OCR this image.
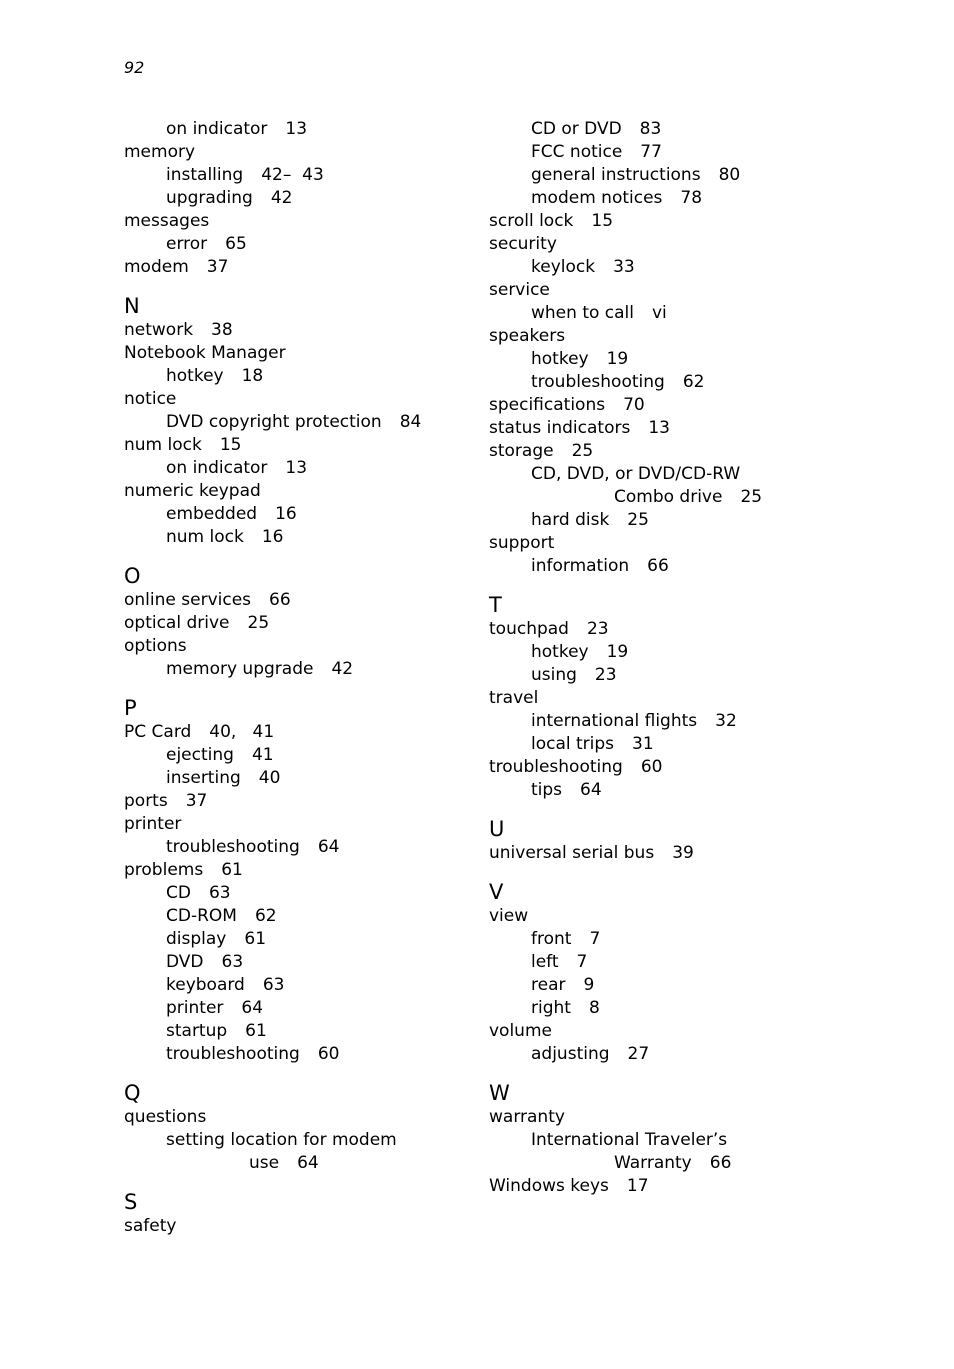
92
on indicator 13
memory
installing 42–  43
upgrading 42
messages
error 65
modem 37
N
network 38
Notebook Manager
hotkey 18
notice
DVD copyright protection 84
num lock 15
on indicator 13
numeric keypad
embedded 16
num lock 16
O
online services 66
optical drive 25
options
memory upgrade 42
P
PC Card 40,   41
ejecting 41
inserting 40
ports 37
printer
troubleshooting 64
problems 61
CD 63
CD-ROM 62
display 61
DVD 63
keyboard 63
printer 64
startup 61
troubleshooting 60
Q
questions
setting location for modem
use 64
S
safety
CD or DVD 83
FCC notice 77
general instructions 80
modem notices 78
scroll lock 15
security
keylock 33
service
when to call vi
speakers
hotkey 19
troubleshooting 62
specifications 70
status indicators 13
storage 25
CD, DVD, or DVD/CD-RW
Combo drive 25
hard disk 25
support
information 66
T
touchpad 23
hotkey 19
using 23
travel
international flights 32
local trips 31
troubleshooting 60
tips 64
U
universal serial bus 39
V
view
front 7
left 7
rear 9
right 8
volume
adjusting 27
W
warranty
International Traveler’s
Warranty 66
Windows keys 17
